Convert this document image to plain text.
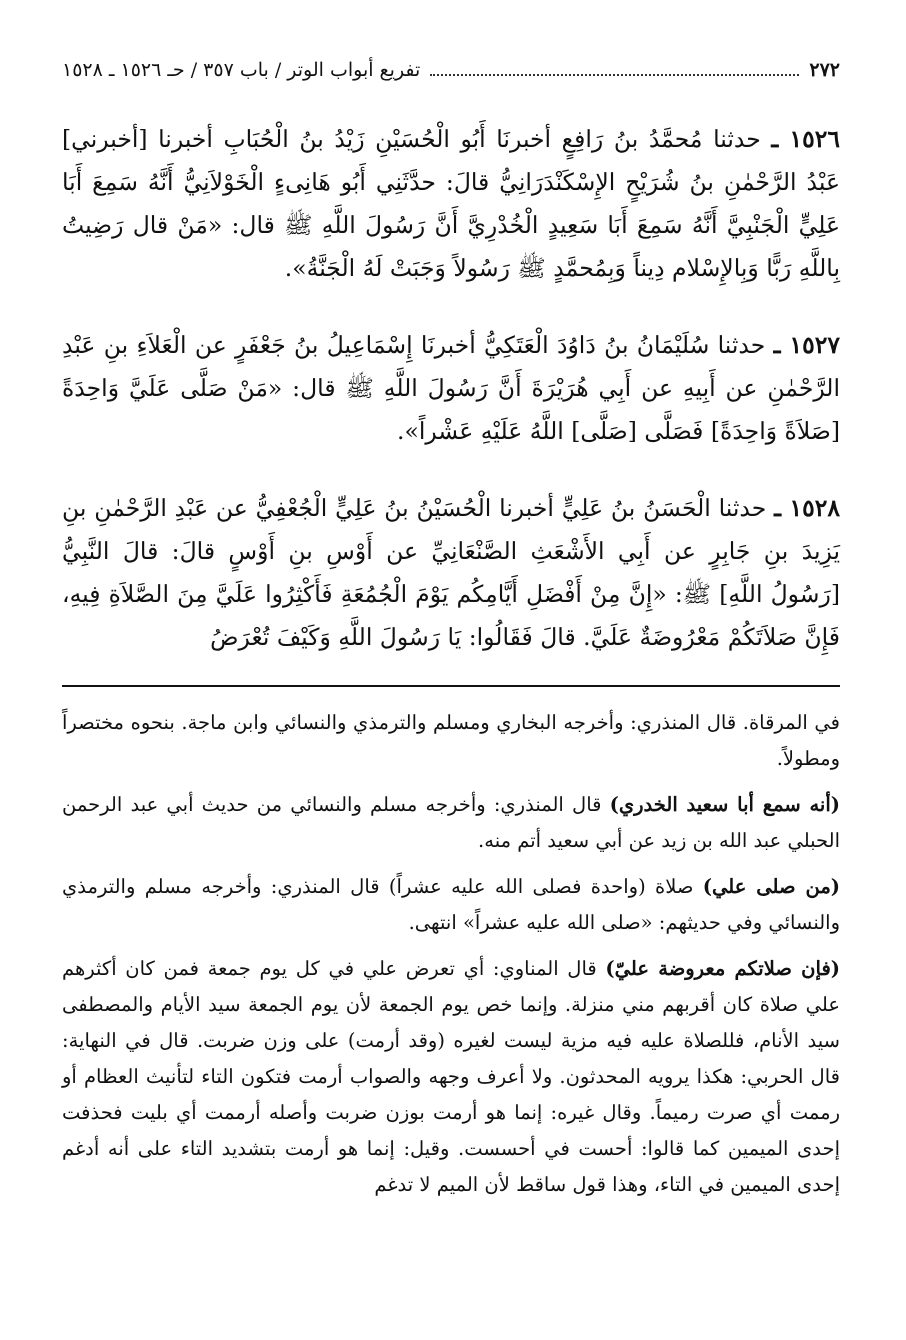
٢٧٢
تفريع أبواب الوتر / باب ٣٥٧ / حـ ١٥٢٦ ـ ١٥٢٨

١٥٢٦ ـ حدثنا مُحمَّدُ بنُ رَافِعٍ أخبرنَا أَبُو الْحُسَيْنِ زَيْدُ بنُ الْحُبَابِ أخبرنا [أخبرني] عَبْدُ الرَّحْمٰنِ بنُ شُرَيْحٍ الإِسْكَنْدَرَانِيُّ قالَ: حدَّثَنِي أَبُو هَانِىءٍ الْخَوْلاَنِيُّ أَنَّهُ سَمِعَ أَبَا عَلِيٍّ الْجَنْبِيَّ أَنَّهُ سَمِعَ أَبَا سَعِيدٍ الْخُدْرِيَّ أَنَّ رَسُولَ اللَّهِ ﷺ قال: «مَنْ قال رَضِيتُ بِاللَّهِ رَبًّا وَبِالإِسْلام دِيناً وَبِمُحمَّدٍ ﷺ رَسُولاً وَجَبَتْ لَهُ الْجَنَّةُ».

١٥٢٧ ـ حدثنا سُلَيْمَانُ بنُ دَاوُدَ الْعَتَكِيُّ أخبرنَا إِسْمَاعِيلُ بنُ جَعْفَرٍ عن الْعَلاَءِ بنِ عَبْدِ الرَّحْمٰنِ عن أَبِيهِ عن أَبِي هُرَيْرَةَ أَنَّ رَسُولَ اللَّهِ ﷺ قال: «مَنْ صَلَّى عَلَيَّ وَاحِدَةً [صَلاَةً وَاحِدَةً] فَصَلَّى [صَلَّى] اللَّهُ عَلَيْهِ عَشْراً».

١٥٢٨ ـ حدثنا الْحَسَنُ بنُ عَلِيٍّ أخبرنا الْحُسَيْنُ بنُ عَلِيٍّ الْجُعْفِيُّ عن عَبْدِ الرَّحْمٰنِ بنِ يَزِيدَ بنِ جَابِرٍ عن أَبِي الأَشْعَثِ الصَّنْعَانِيِّ عن أَوْسِ بنِ أَوْسٍ قالَ: قالَ النَّبِيُّ [رَسُولُ اللَّهِ] ﷺ: «إِنَّ مِنْ أَفْضَلِ أَيَّامِكُم يَوْمَ الْجُمُعَةِ فَأَكْثِرُوا عَلَيَّ مِنَ الصَّلاَةِ فِيهِ، فَإِنَّ صَلاَتَكُمْ مَعْرُوضَةٌ عَلَيَّ. قالَ فَقَالُوا: يَا رَسُولَ اللَّهِ وَكَيْفَ تُعْرَضُ

في المرقاة. قال المنذري: وأخرجه البخاري ومسلم والترمذي والنسائي وابن ماجة. بنحوه مختصراً ومطولاً.

(أنه سمع أبا سعيد الخدري) قال المنذري: وأخرجه مسلم والنسائي من حديث أبي عبد الرحمن الحبلي عبد الله بن زيد عن أبي سعيد أتم منه.

(من صلى علي) صلاة (واحدة فصلى الله عليه عشراً) قال المنذري: وأخرجه مسلم والترمذي والنسائي وفي حديثهم: «صلى الله عليه عشراً» انتهى.

(فإن صلاتكم معروضة عليّ) قال المناوي: أي تعرض علي في كل يوم جمعة فمن كان أكثرهم علي صلاة كان أقربهم مني منزلة. وإنما خص يوم الجمعة لأن يوم الجمعة سيد الأيام والمصطفى سيد الأنام، فللصلاة عليه فيه مزية ليست لغيره (وقد أرمت) على وزن ضربت. قال في النهاية: قال الحربي: هكذا يرويه المحدثون. ولا أعرف وجهه والصواب أرمت فتكون التاء لتأنيث العظام أو رممت أي صرت رميماً. وقال غيره: إنما هو أرمت بوزن ضربت وأصله أرممت أي بليت فحذفت إحدى الميمين كما قالوا: أحست في أحسست. وقيل: إنما هو أرمت بتشديد التاء على أنه أدغم إحدى الميمين في التاء، وهذا قول ساقط لأن الميم لا تدغم
